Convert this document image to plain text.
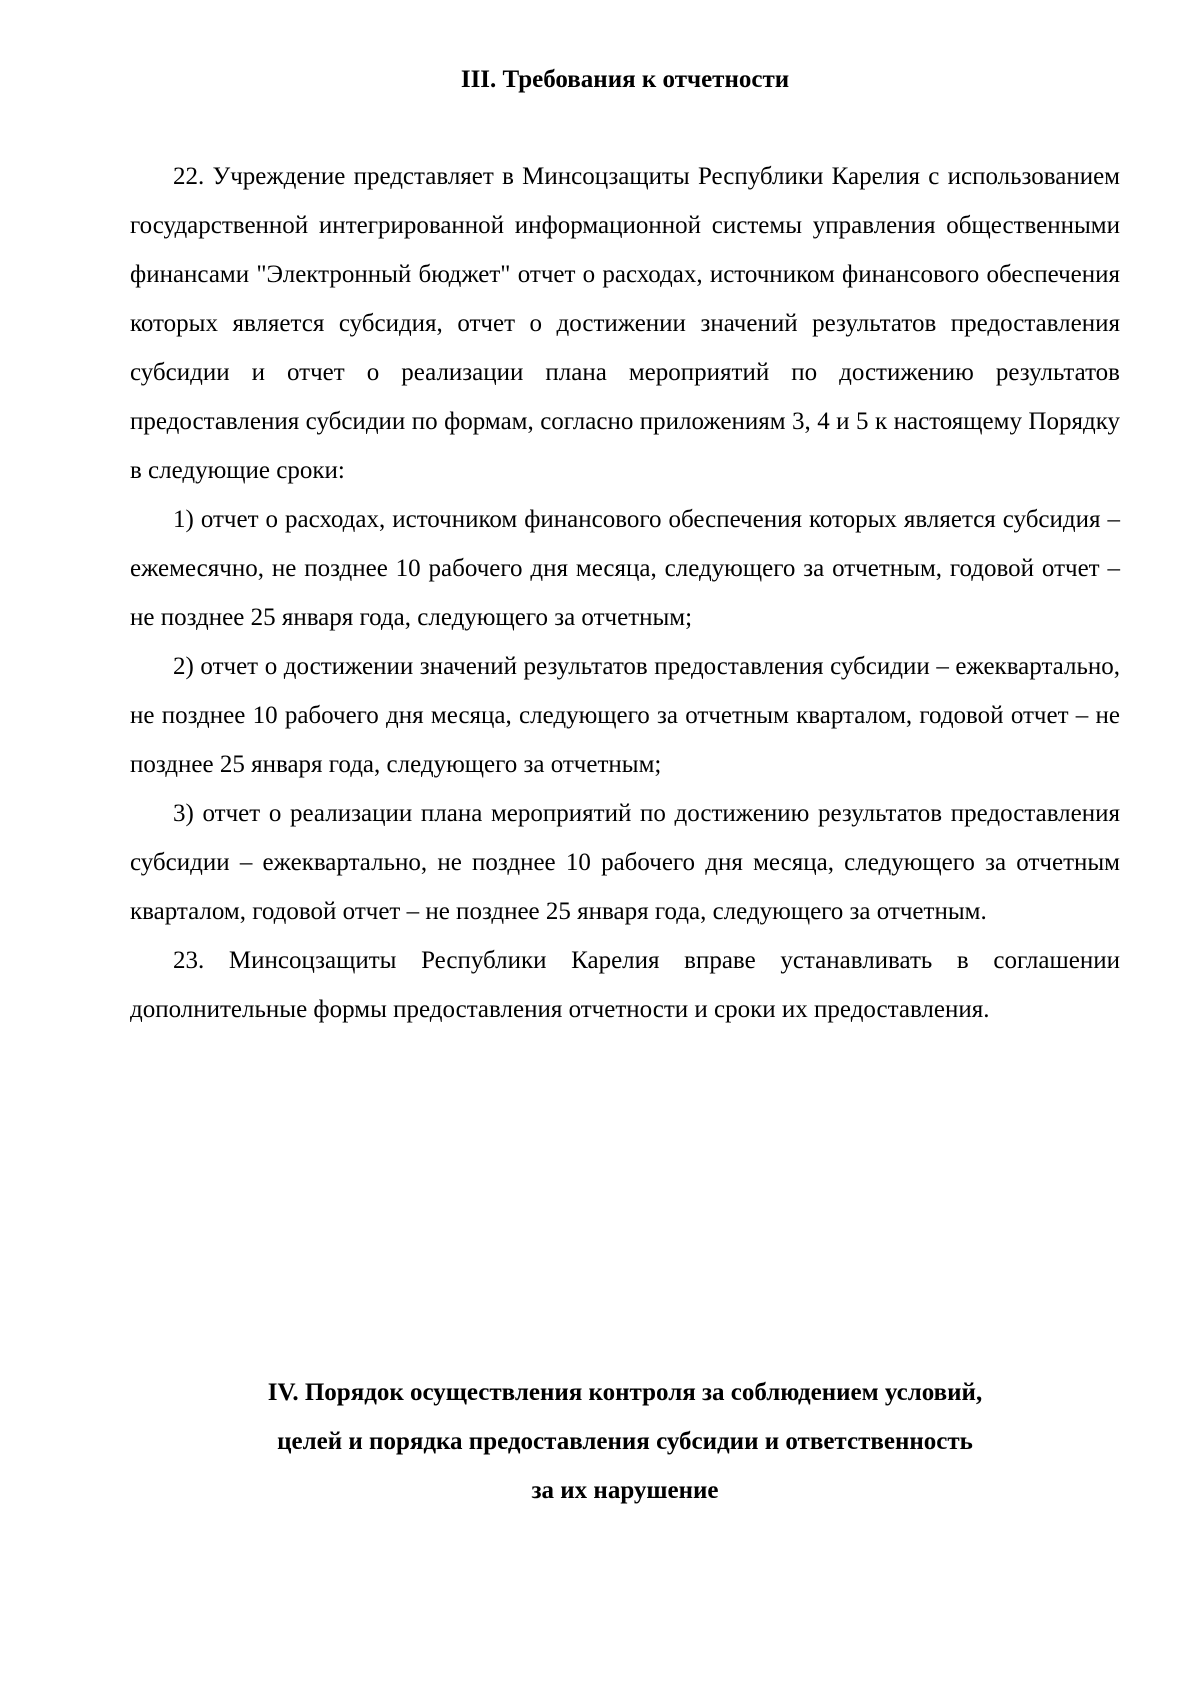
III. Требования к отчетности

22. Учреждение представляет в Минсоцзащиты Республики Карелия с использованием государственной интегрированной информационной системы управления общественными финансами "Электронный бюджет" отчет о расходах, источником финансового обеспечения которых является субсидия, отчет о достижении значений результатов предоставления субсидии и отчет о реализации плана мероприятий по достижению результатов предоставления субсидии по формам, согласно приложениям 3, 4 и 5 к настоящему Порядку в следующие сроки:

1) отчет о расходах, источником финансового обеспечения которых является субсидия – ежемесячно, не позднее 10 рабочего дня месяца, следующего за отчетным, годовой отчет – не позднее 25 января года, следующего за отчетным;

2) отчет о достижении значений результатов предоставления субсидии – ежеквартально, не позднее 10 рабочего дня месяца, следующего за отчетным кварталом, годовой отчет – не позднее 25 января года, следующего за отчетным;

3) отчет о реализации плана мероприятий по достижению результатов предоставления субсидии – ежеквартально, не позднее 10 рабочего дня месяца, следующего за отчетным кварталом, годовой отчет – не позднее 25 января года, следующего за отчетным.

23. Минсоцзащиты Республики Карелия вправе устанавливать в соглашении дополнительные формы предоставления отчетности и сроки их предоставления.

IV. Порядок осуществления контроля за соблюдением условий,

целей и порядка предоставления субсидии и ответственность

за их нарушение
